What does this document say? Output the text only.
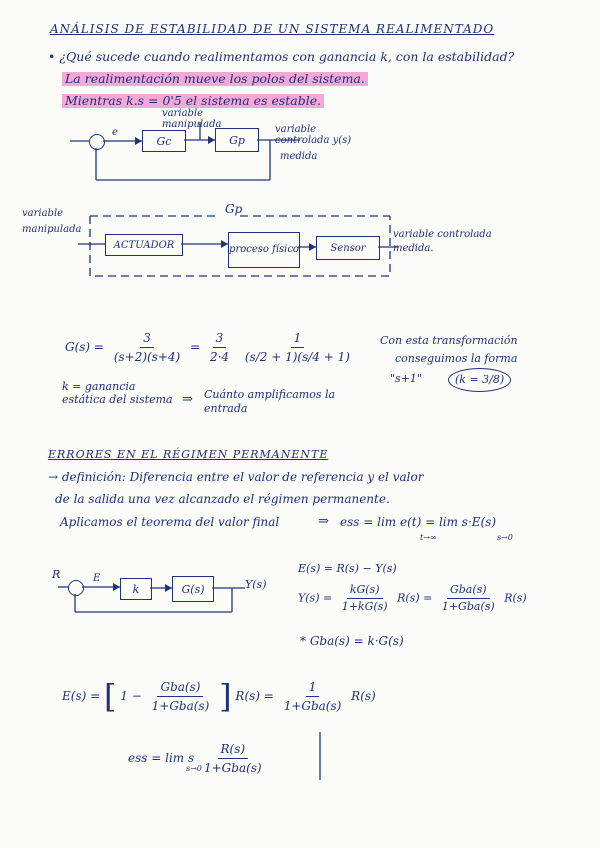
ANÁLISIS DE ESTABILIDAD DE UN SISTEMA REALIMENTADO
• ¿Qué sucede cuando realimentamos con ganancia k, con la estabilidad?
La realimentación mueve los polos del sistema.
Mientras k.s = 0'5 el sistema es estable.
variable manipulada
e
Gc	Gp
variable controlada y(s)
medida
variable manipulada
Gp
ACTUADOR	proceso físico	Sensor
variable controlada medida.
$G(s) = \frac{3}{(s+2)(s+4)} = \frac{3}{2\cdot 4}$
$\frac{1}{(s/2 + 1)(s/4 + 1)}$ Con esta transformación
conseguimos la forma
"s+1"	(k = 3/8)
k = ganancia estática del sistema ⇒ Cuánto amplificamos la entrada
ERRORES EN EL RÉGIMEN PERMANENTE
→ definición: Diferencia entre el valor de referencia y el valor
de la salida una vez alcanzado el régimen permanente.
Aplicamos el teorema del valor final	⇒ ess = lim e(t) = lim s·E(s)
t→∞	s→0
R	E
k	G(s)	Y(s)
E(s) = R(s) − Y(s)
$Y(s) = \frac{kG(s)}{1+kG(s)} R(s) = \frac{\text{Gba(s)}}{\text{1+Gba(s)}} R(s)$
* Gba(s) = k·G(s)
E(s) = [ $1 - \frac{\text{Gba(s)}}{\text{1+Gba(s)}}$ ] $R(s) = \frac{1}{\text{1+Gba(s)}} R(s)$
ess = lim s $\frac{R(s)}{\text{1+Gba(s)}}$
s→0
